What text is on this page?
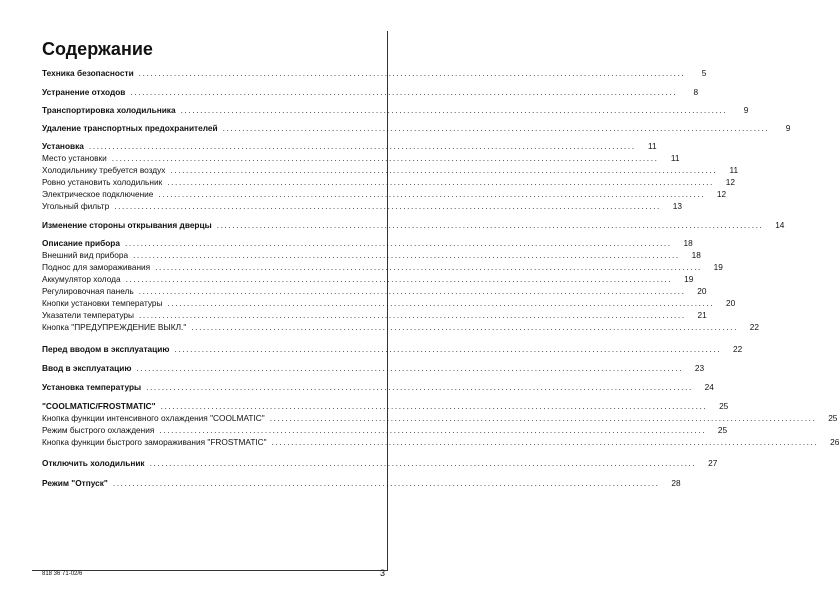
Содержание
Техника безопасности ............................................................................................................................................	5
Устранение отходов ............................................................................................................................................	8
Транспортировка холодильника ............................................................................................................................................	9
Удаление транспортных предохранителей ............................................................................................................................................	9
Установка ............................................................................................................................................	11
Место установки ............................................................................................................................................	11
Холодильнику требуется воздух ............................................................................................................................................	11
Ровно установить холодильник ............................................................................................................................................	12
Электрическое подключение ............................................................................................................................................	12
Угольный фильтр ............................................................................................................................................	13
Изменение стороны открывания дверцы ............................................................................................................................................	14
Описание прибора ............................................................................................................................................	18
Внешний вид прибора ............................................................................................................................................	18
Поднос для замораживания ............................................................................................................................................	19
Аккумулятор холода ............................................................................................................................................	19
Регулировочная панель ............................................................................................................................................	20
Кнопки установки температуры ............................................................................................................................................	20
Указатели температуры ............................................................................................................................................	21
Кнопка "ПРЕДУПРЕЖДЕНИЕ ВЫКЛ." ............................................................................................................................................	22
Перед вводом в эксплуатацию ............................................................................................................................................	22
Ввод в эксплуатацию ............................................................................................................................................	23
Установка температуры ............................................................................................................................................	24
"COOLMATIC/FROSTMATIC" ............................................................................................................................................	25
Кнопка функции интенсивного охлаждения "COOLMATIC" ............................................................................................................................................	25
Режим быстрого охлаждения ............................................................................................................................................	25
Кнопка функции быстрого замораживания "FROSTMATIC" ............................................................................................................................................	26
Отключить холодильник ............................................................................................................................................	27
Режим "Отпуск" ............................................................................................................................................	28
818 36 71-02/6	3
